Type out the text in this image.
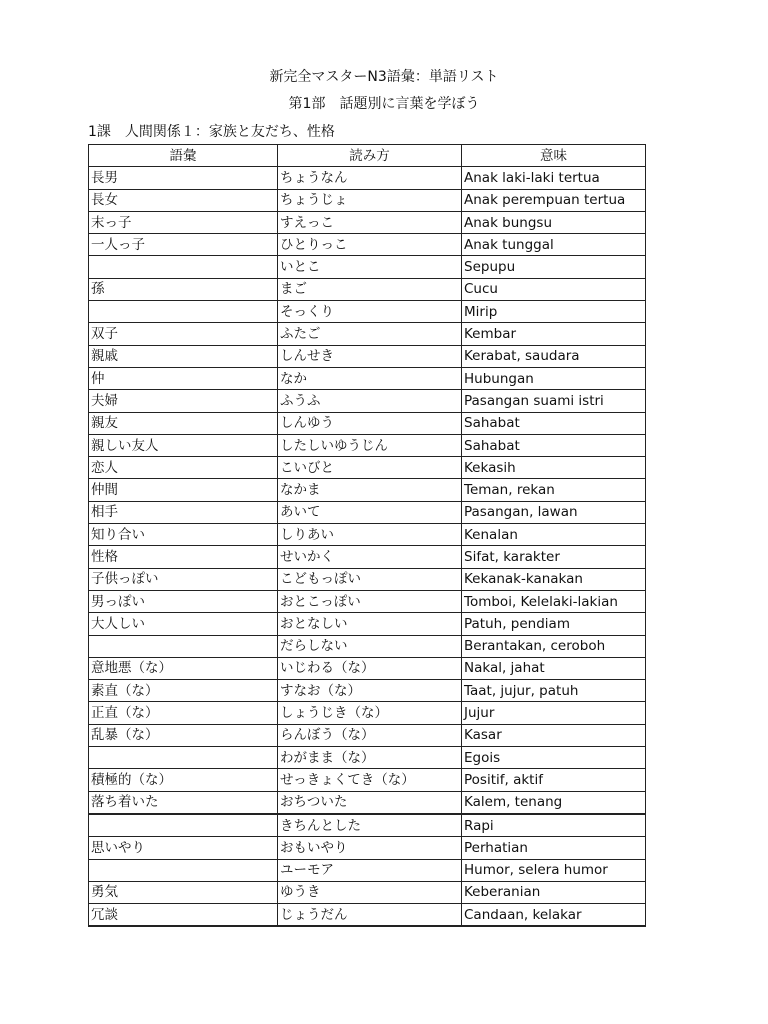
新完全マスターN3語彙：単語リスト
第1部　話題別に言葉を学ぼう
1課　人間関係１：家族と友だち、性格
語彙	読み方	意味
長男	ちょうなん	Anak laki-laki tertua
長女	ちょうじょ	Anak perempuan tertua
末っ子	すえっこ	Anak bungsu
一人っ子	ひとりっこ	Anak tunggal
	いとこ	Sepupu
孫	まご	Cucu
	そっくり	Mirip
双子	ふたご	Kembar
親戚	しんせき	Kerabat, saudara
仲	なか	Hubungan
夫婦	ふうふ	Pasangan suami istri
親友	しんゆう	Sahabat
親しい友人	したしいゆうじん	Sahabat
恋人	こいびと	Kekasih
仲間	なかま	Teman, rekan
相手	あいて	Pasangan, lawan
知り合い	しりあい	Kenalan
性格	せいかく	Sifat, karakter
子供っぽい	こどもっぽい	Kekanak-kanakan
男っぽい	おとこっぽい	Tomboi, Kelelaki-lakian
大人しい	おとなしい	Patuh, pendiam
	だらしない	Berantakan, ceroboh
意地悪（な）	いじわる（な）	Nakal, jahat
素直（な）	すなお（な）	Taat, jujur, patuh
正直（な）	しょうじき（な）	Jujur
乱暴（な）	らんぼう（な）	Kasar
	わがまま（な）	Egois
積極的（な）	せっきょくてき（な）	Positif, aktif
落ち着いた	おちついた	Kalem, tenang
	きちんとした	Rapi
思いやり	おもいやり	Perhatian
	ユーモア	Humor, selera humor
勇気	ゆうき	Keberanian
冗談	じょうだん	Candaan, kelakar
